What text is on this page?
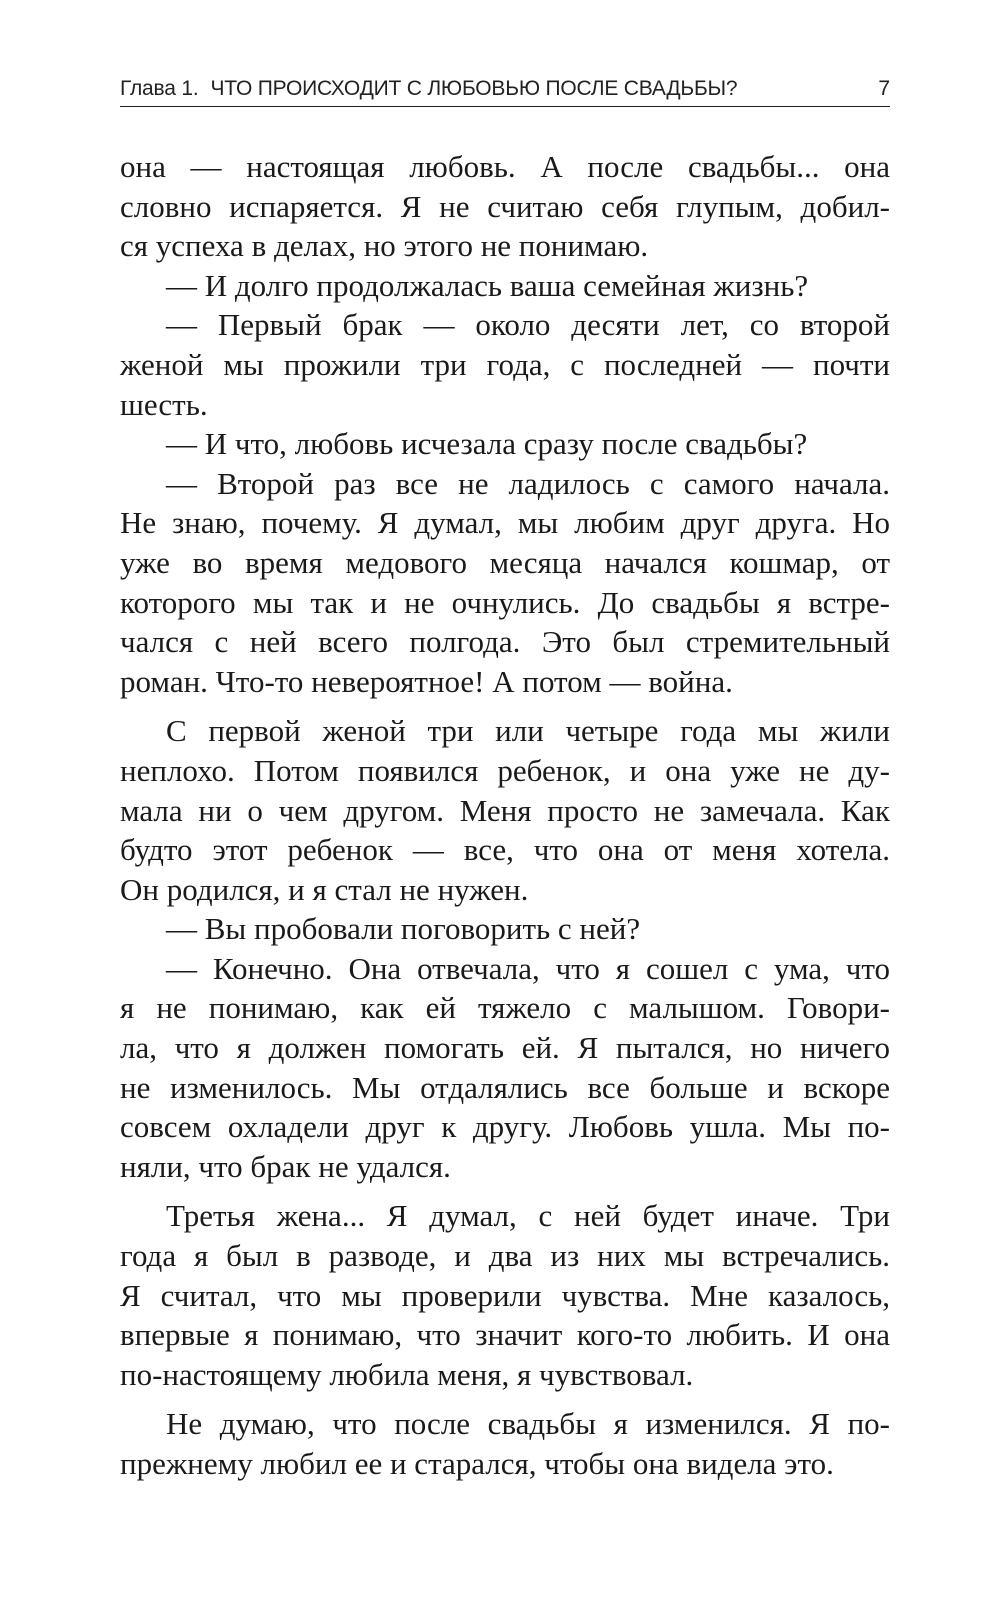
Глава 1. ЧТО ПРОИСХОДИТ С ЛЮБОВЬЮ ПОСЛЕ СВАДЬБЫ?	7
она — настоящая любовь. А после свадьбы... она
словно испаряется. Я не считаю себя глупым, добил-
ся успеха в делах, но этого не понимаю.
— И долго продолжалась ваша семейная жизнь?
— Первый брак — около десяти лет, со второй
женой мы прожили три года, с последней — почти
шесть.
— И что, любовь исчезала сразу после свадьбы?
— Второй раз все не ладилось с самого начала.
Не знаю, почему. Я думал, мы любим друг друга. Но
уже во время медового месяца начался кошмар, от
которого мы так и не очнулись. До свадьбы я встре-
чался с ней всего полгода. Это был стремительный
роман. Что-то невероятное! А потом — война.
С первой женой три или четыре года мы жили
неплохо. Потом появился ребенок, и она уже не ду-
мала ни о чем другом. Меня просто не замечала. Как
будто этот ребенок — все, что она от меня хотела.
Он родился, и я стал не нужен.
— Вы пробовали поговорить с ней?
— Конечно. Она отвечала, что я сошел с ума, что
я не понимаю, как ей тяжело с малышом. Говори-
ла, что я должен помогать ей. Я пытался, но ничего
не изменилось. Мы отдалялись все больше и вскоре
совсем охладели друг к другу. Любовь ушла. Мы по-
няли, что брак не удался.
Третья жена... Я думал, с ней будет иначе. Три
года я был в разводе, и два из них мы встречались.
Я считал, что мы проверили чувства. Мне казалось,
впервые я понимаю, что значит кого-то любить. И она
по-настоящему любила меня, я чувствовал.
Не думаю, что после свадьбы я изменился. Я по-
прежнему любил ее и старался, чтобы она видела это.
